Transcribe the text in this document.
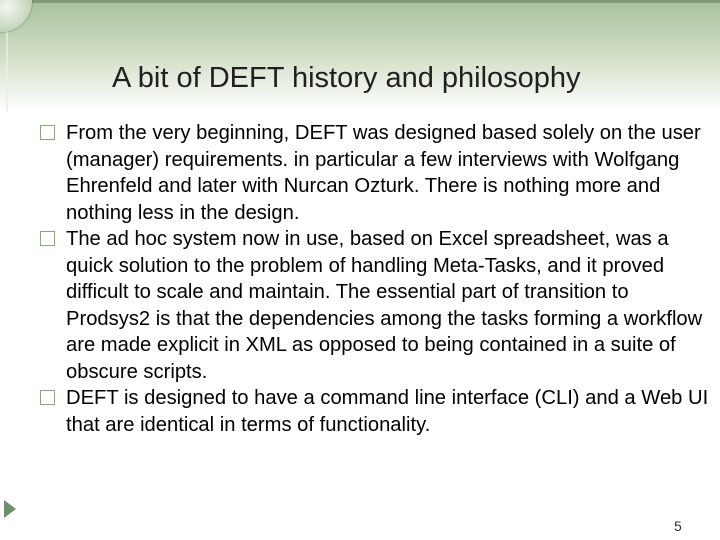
A bit of DEFT history and philosophy
From the very beginning, DEFT was designed based solely on the user (manager) requirements. in particular a few interviews with Wolfgang Ehrenfeld and later with Nurcan Ozturk. There is nothing more and nothing less in the design.
The ad hoc system now in use, based on Excel spreadsheet, was a quick solution to the problem of handling Meta-Tasks, and it proved difficult to scale and maintain. The essential part of transition to Prodsys2 is that the dependencies among the tasks forming a workflow are made explicit in XML as opposed to being contained in a suite of obscure scripts.
DEFT is designed to have a command line interface (CLI) and a Web UI that are identical in terms of functionality.
5
